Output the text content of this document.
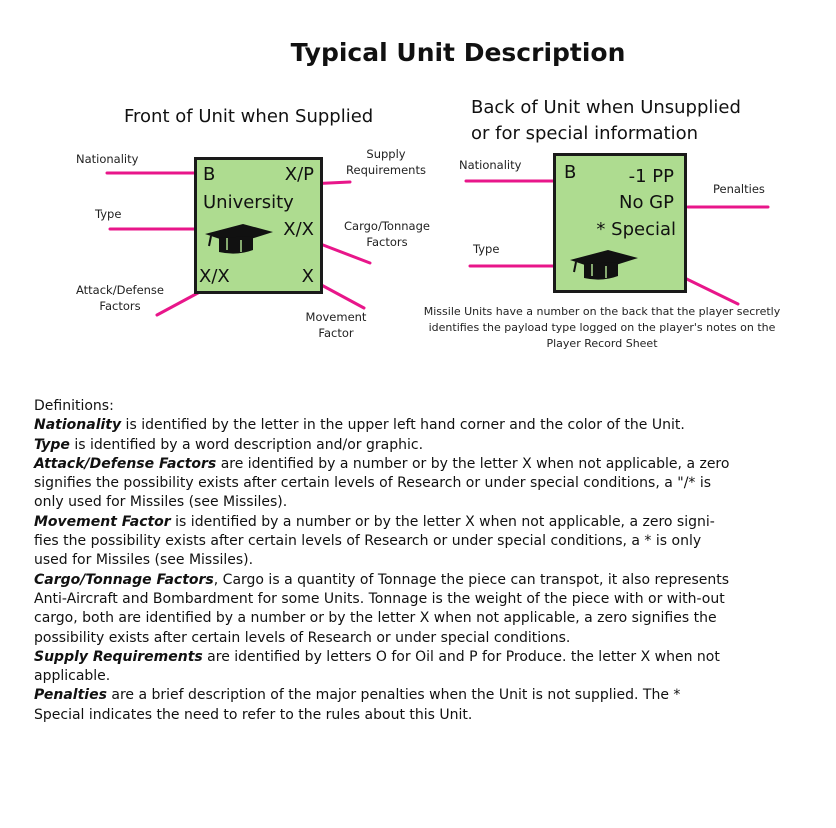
Typical Unit Description
Front of Unit when Supplied	Back of Unit when Unsupplied
or for special information
B	X/P
University
X/X
X/X	X
Nationality
Type
Attack/Defense
Factors
Supply
Requirements
Cargo/Tonnage
Factors
Movement
Factor
B	-1 PP
No GP
* Special
Nationality
Type
Penalties
Missile Units have a number on the back that the player secretly
identifies the payload type logged on the player's notes on the
Player Record Sheet

Definitions:

Nationality is identified by the letter in the upper left hand corner and the color of the Unit.

Type is identified by a word description and/or graphic.

Attack/Defense Factors are identified by a number or by the letter X when not applicable, a zero signifies the possibility exists after certain levels of Research or under special conditions, a "/* is only used for Missiles (see Missiles).

Movement Factor is identified by a number or by the letter X when not applicable, a zero signi-fies the possibility exists after certain levels of Research or under special conditions, a * is only used for Missiles (see Missiles).

Cargo/Tonnage Factors, Cargo is a quantity of Tonnage the piece can transpot, it also represents Anti-Aircraft and Bombardment for some Units. Tonnage is the weight of the piece with or with-out cargo, both are identified by a number or by the letter X when not applicable, a zero signifies the possibility exists after certain levels of Research or under special conditions.

Supply Requirements are identified by letters O for Oil and P for Produce. the letter X when not applicable.

Penalties are a brief description of the major penalties when the Unit is not supplied. The * Special indicates the need to refer to the rules about this Unit.
